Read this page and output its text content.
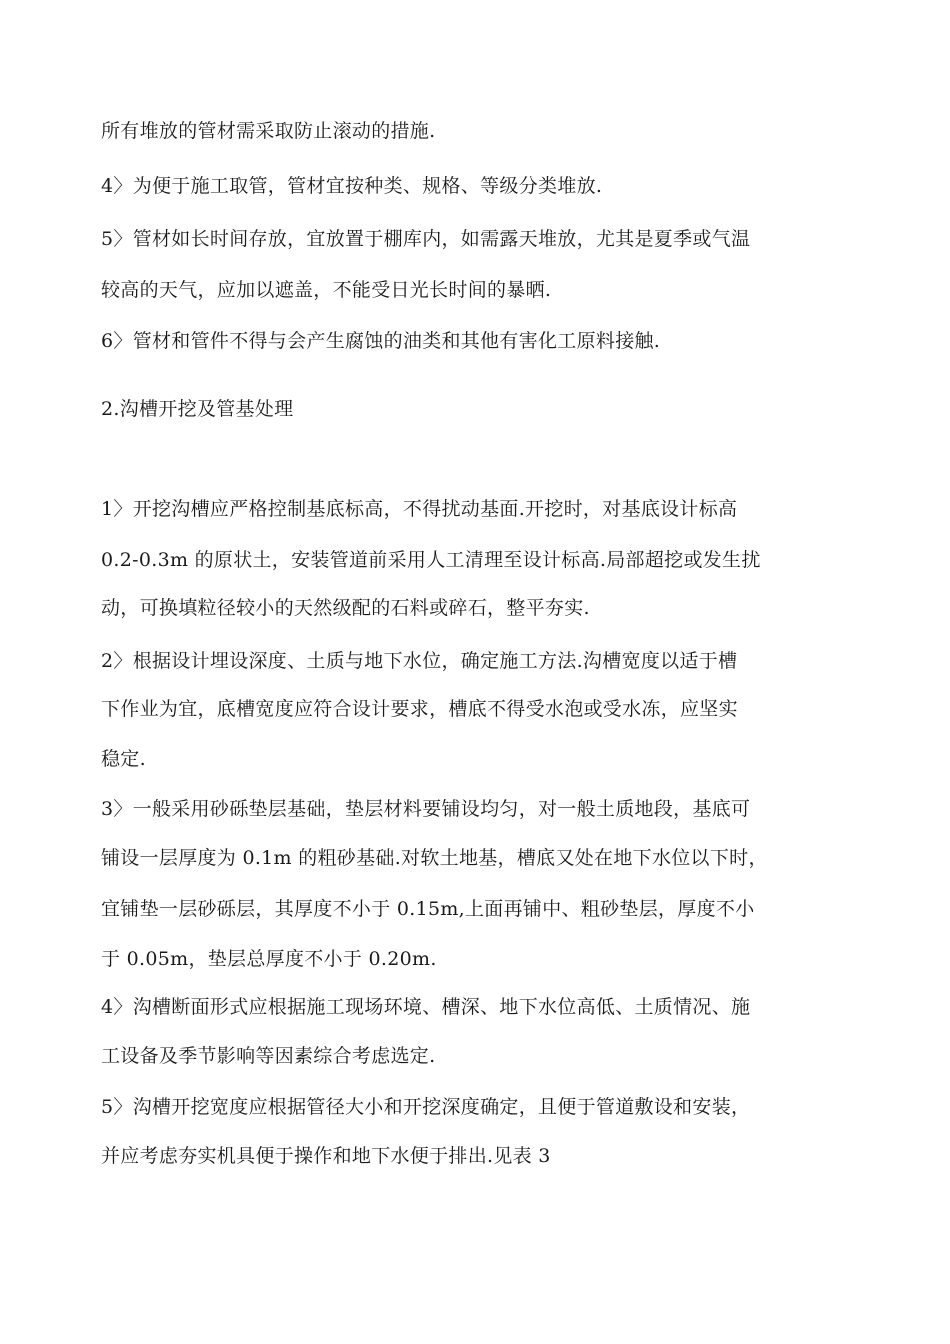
所有堆放的管材需采取防止滚动的措施.
4〉为便于施工取管，管材宜按种类、规格、等级分类堆放.
5〉管材如长时间存放，宜放置于棚库内，如需露天堆放，尤其是夏季或气温
较高的天气，应加以遮盖，不能受日光长时间的暴晒.
6〉管材和管件不得与会产生腐蚀的油类和其他有害化工原料接触.
2.沟槽开挖及管基处理
1〉开挖沟槽应严格控制基底标高，不得扰动基面.开挖时，对基底设计标高
0.2-0.3m 的原状土，安装管道前采用人工清理至设计标高.局部超挖或发生扰
动，可换填粒径较小的天然级配的石料或碎石，整平夯实.
2〉根据设计埋设深度、土质与地下水位，确定施工方法.沟槽宽度以适于槽
下作业为宜，底槽宽度应符合设计要求，槽底不得受水泡或受水冻，应坚实
稳定.
3〉一般采用砂砾垫层基础，垫层材料要铺设均匀，对一般土质地段，基底可
铺设一层厚度为 0.1m 的粗砂基础.对软土地基，槽底又处在地下水位以下时，
宜铺垫一层砂砾层，其厚度不小于 0.15m,上面再铺中、粗砂垫层，厚度不小
于 0.05m，垫层总厚度不小于 0.20m.
4〉沟槽断面形式应根据施工现场环境、槽深、地下水位高低、土质情况、施
工设备及季节影响等因素综合考虑选定.
5〉沟槽开挖宽度应根据管径大小和开挖深度确定，且便于管道敷设和安装，
并应考虑夯实机具便于操作和地下水便于排出.见表 3
